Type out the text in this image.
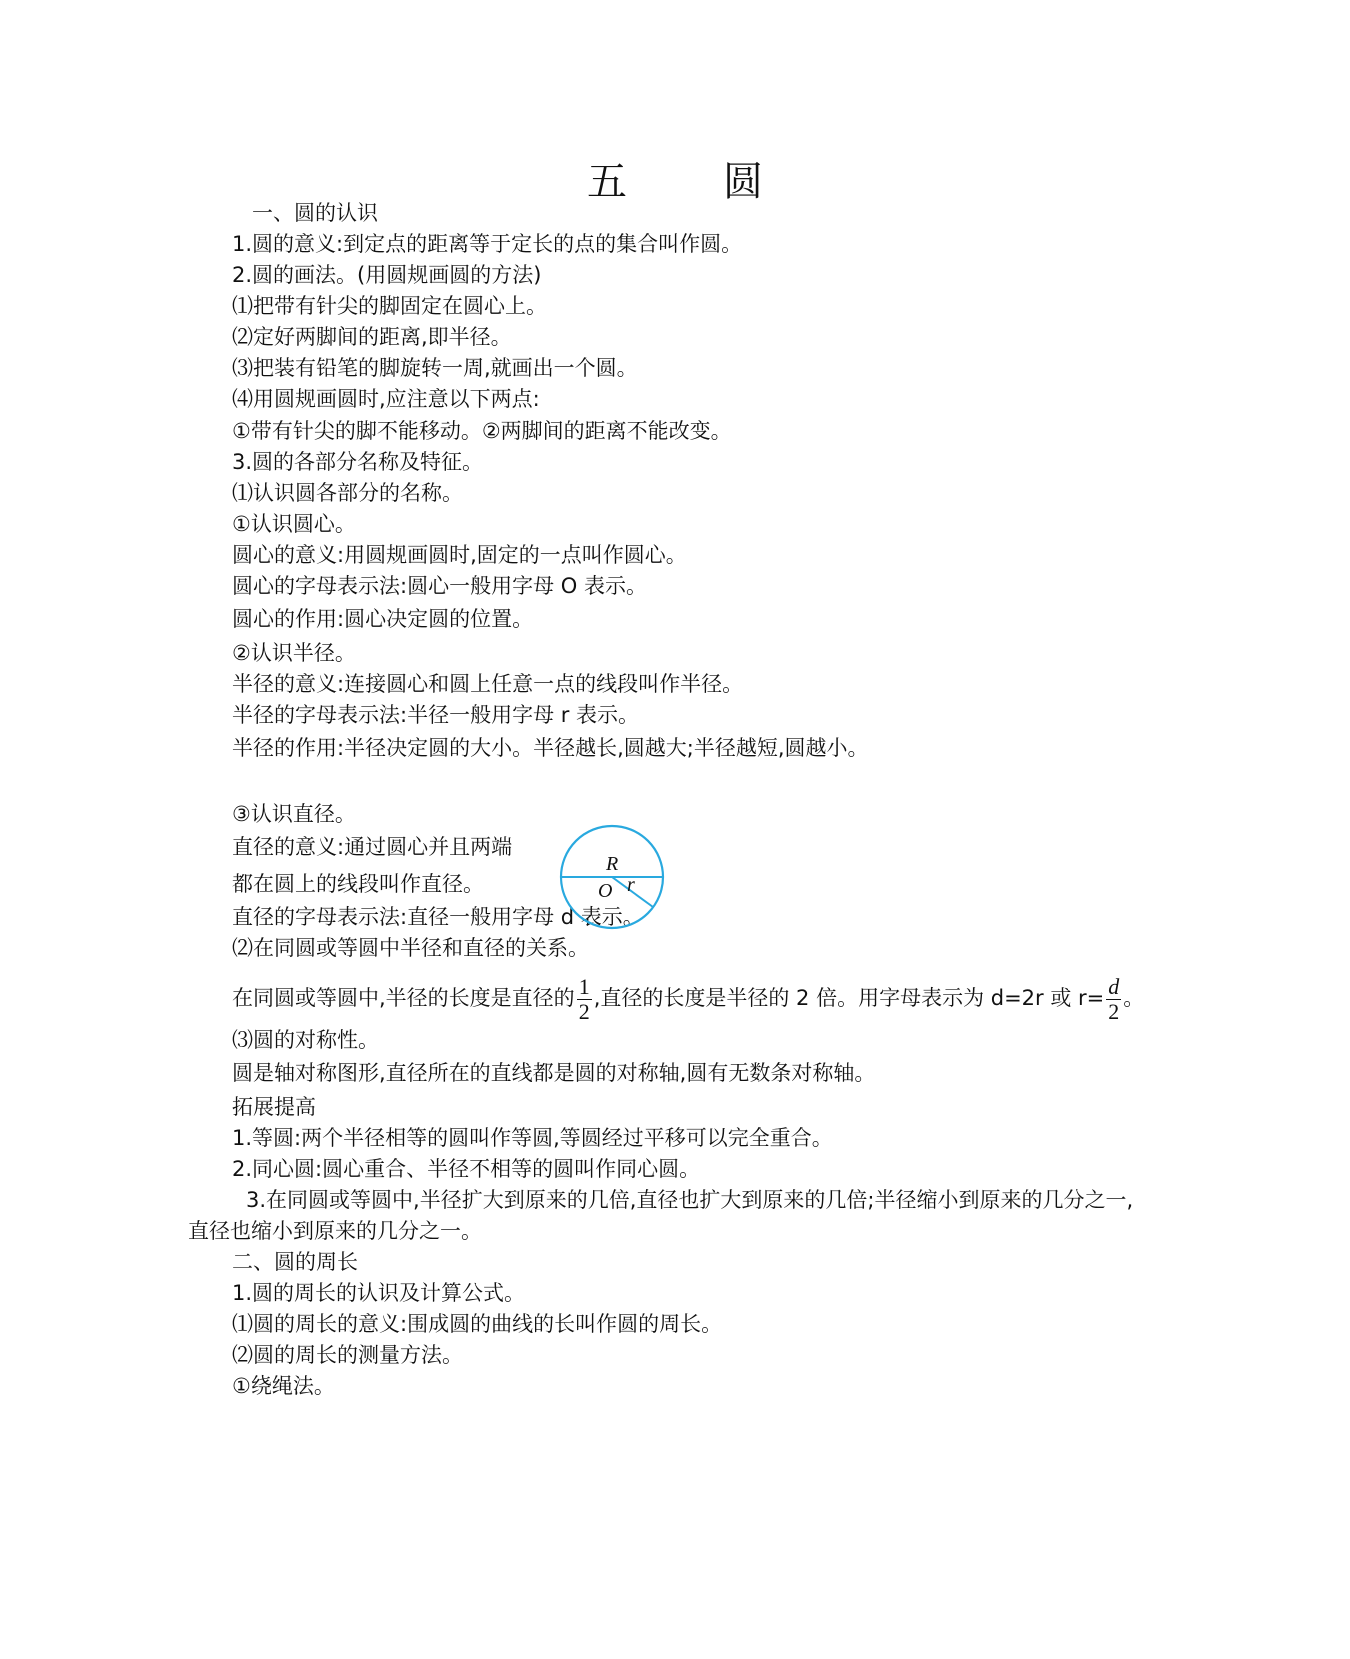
五　圆
一、圆的认识
1.圆的意义:到定点的距离等于定长的点的集合叫作圆。
2.圆的画法。(用圆规画圆的方法)
⑴把带有针尖的脚固定在圆心上。
⑵定好两脚间的距离,即半径。
⑶把装有铅笔的脚旋转一周,就画出一个圆。
⑷用圆规画圆时,应注意以下两点:
①带有针尖的脚不能移动。②两脚间的距离不能改变。
3.圆的各部分名称及特征。
⑴认识圆各部分的名称。
①认识圆心。
圆心的意义:用圆规画圆时,固定的一点叫作圆心。
圆心的字母表示法:圆心一般用字母 O 表示。
圆心的作用:圆心决定圆的位置。
②认识半径。
半径的意义:连接圆心和圆上任意一点的线段叫作半径。
半径的字母表示法:半径一般用字母 r 表示。
半径的作用:半径决定圆的大小。半径越长,圆越大;半径越短,圆越小。
③认识直径。
直径的意义:通过圆心并且两端
都在圆上的线段叫作直径。
直径的字母表示法:直径一般用字母 d 表示。
⑵在同圆或等圆中半径和直径的关系。
R
O r
在同圆或等圆中,半径的长度是直径的 $\frac{1}{2}$ ,直径的长度是半径的 2 倍。用字母表示为 d=2r 或 $r= \frac{d}{2}$ 。
⑶圆的对称性。
圆是轴对称图形,直径所在的直线都是圆的对称轴,圆有无数条对称轴。
拓展提高
1.等圆:两个半径相等的圆叫作等圆,等圆经过平移可以完全重合。
2.同心圆:圆心重合、半径不相等的圆叫作同心圆。
3.在同圆或等圆中,半径扩大到原来的几倍,直径也扩大到原来的几倍;半径缩小到原来的几分之一,
直径也缩小到原来的几分之一。
二、圆的周长
1.圆的周长的认识及计算公式。
⑴圆的周长的意义:围成圆的曲线的长叫作圆的周长。
⑵圆的周长的测量方法。
①绕绳法。
